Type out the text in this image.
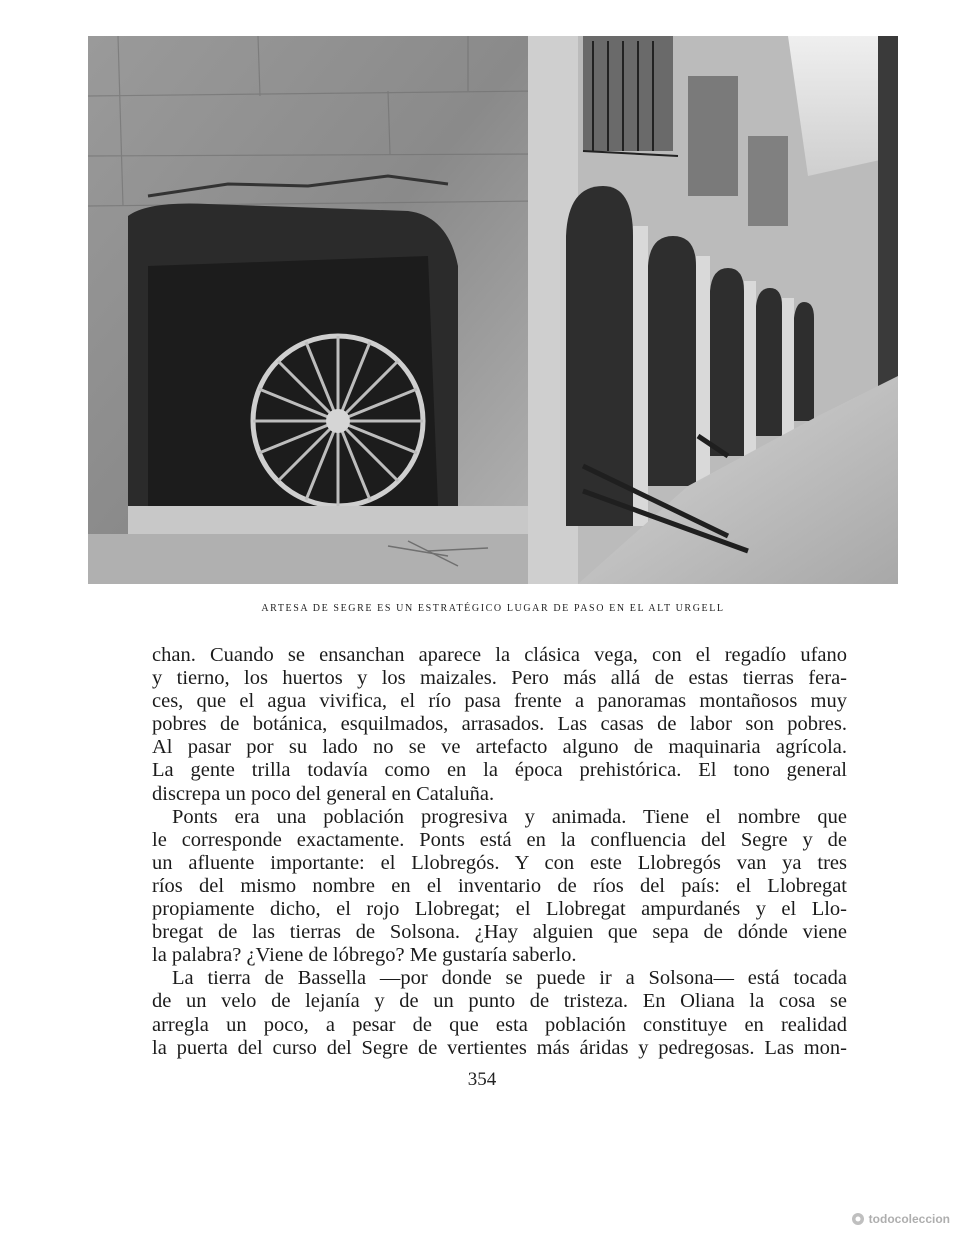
ARTESA DE SEGRE ES UN ESTRATÉGICO LUGAR DE PASO EN EL ALT URGELL
chan. Cuando se ensanchan aparece la clásica vega, con el regadío ufano
y tierno, los huertos y los maizales. Pero más allá de estas tierras fera-
ces, que el agua vivifica, el río pasa frente a panoramas montañosos muy
pobres de botánica, esquilmados, arrasados. Las casas de labor son pobres.
Al pasar por su lado no se ve artefacto alguno de maquinaria agrícola.
La gente trilla todavía como en la época prehistórica. El tono general
discrepa un poco del general en Cataluña.
Ponts era una población progresiva y animada. Tiene el nombre que
le corresponde exactamente. Ponts está en la confluencia del Segre y de
un afluente importante: el Llobregós. Y con este Llobregós van ya tres
ríos del mismo nombre en el inventario de ríos del país: el Llobregat
propiamente dicho, el rojo Llobregat; el Llobregat ampurdanés y el Llo-
bregat de las tierras de Solsona. ¿Hay alguien que sepa de dónde viene
la palabra? ¿Viene de lóbrego? Me gustaría saberlo.
La tierra de Bassella —por donde se puede ir a Solsona— está tocada
de un velo de lejanía y de un punto de tristeza. En Oliana la cosa se
arregla un poco, a pesar de que esta población constituye en realidad
la puerta del curso del Segre de vertientes más áridas y pedregosas. Las mon-
354
todocoleccion
